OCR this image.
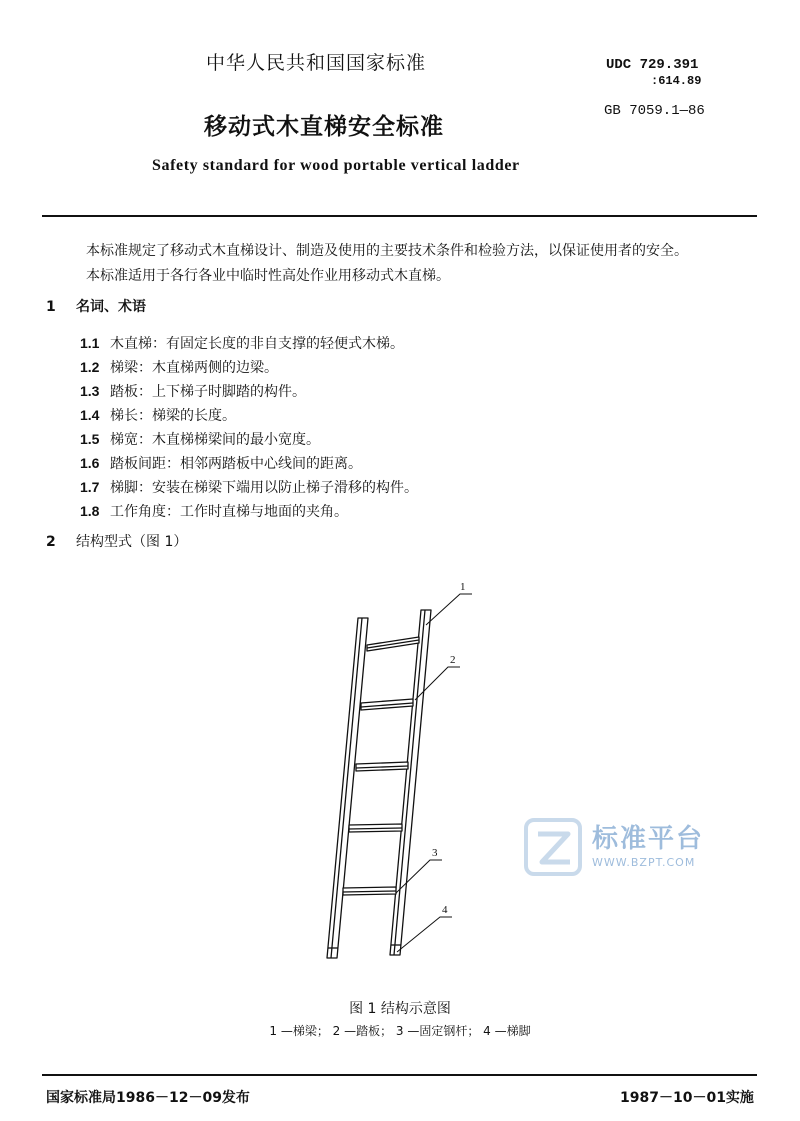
中华人民共和国国家标准	UDC 729.391
:614.89
GB 7059.1—86
移动式木直梯安全标准
Safety standard for wood portable vertical ladder
本标准规定了移动式木直梯设计、制造及使用的主要技术条件和检验方法，以保证使用者的安全。
本标准适用于各行各业中临时性高处作业用移动式木直梯。
1 名词、术语
1.1 木直梯：有固定长度的非自支撑的轻便式木梯。
1.2 梯梁：木直梯两侧的边梁。
1.3 踏板：上下梯子时脚踏的构件。
1.4 梯长：梯梁的长度。
1.5 梯宽：木直梯梯梁间的最小宽度。
1.6 踏板间距：相邻两踏板中心线间的距离。
1.7 梯脚：安装在梯梁下端用以防止梯子滑移的构件。
1.8 工作角度：工作时直梯与地面的夹角。
2 结构型式（图 1）
1
2
3
4
标准平台
WWW.BZPT.COM
图 1 结构示意图
1 —梯梁； 2 —踏板； 3 —固定钢杆； 4 —梯脚
国家标准局1986－12－09发布	1987－10－01实施
